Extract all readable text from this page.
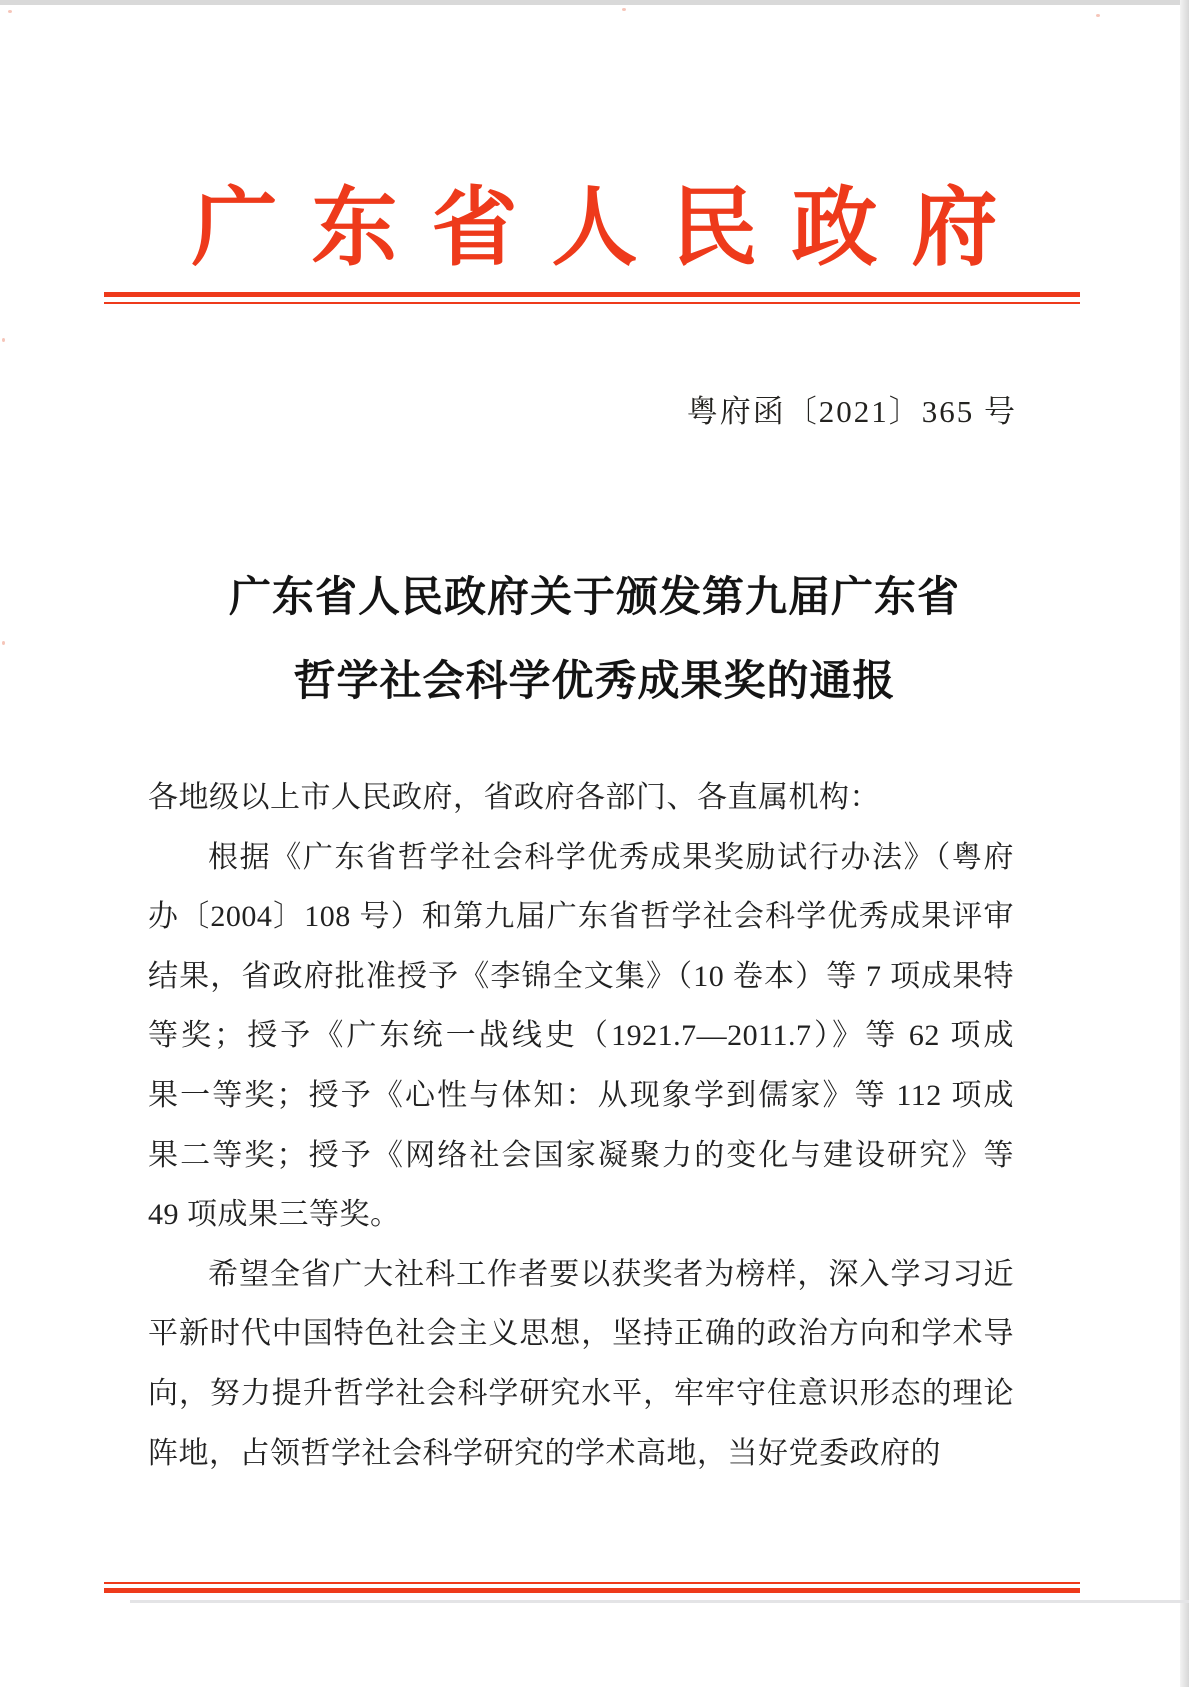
广东省人民政府
粤府函〔2021〕365 号
广东省人民政府关于颁发第九届广东省
哲学社会科学优秀成果奖的通报
各地级以上市人民政府，省政府各部门、各直属机构：
根据《广东省哲学社会科学优秀成果奖励试行办法》（粤府
办〔2004〕108 号）和第九届广东省哲学社会科学优秀成果评审
结果，省政府批准授予《李锦全文集》（10 卷本）等 7 项成果特
等奖；授予《广东统一战线史（1921.7—2011.7）》等 62 项成
果一等奖；授予《心性与体知：从现象学到儒家》等 112 项成
果二等奖；授予《网络社会国家凝聚力的变化与建设研究》等
49 项成果三等奖。
希望全省广大社科工作者要以获奖者为榜样，深入学习习近
平新时代中国特色社会主义思想，坚持正确的政治方向和学术导
向，努力提升哲学社会科学研究水平，牢牢守住意识形态的理论
阵地，占领哲学社会科学研究的学术高地，当好党委政府的
